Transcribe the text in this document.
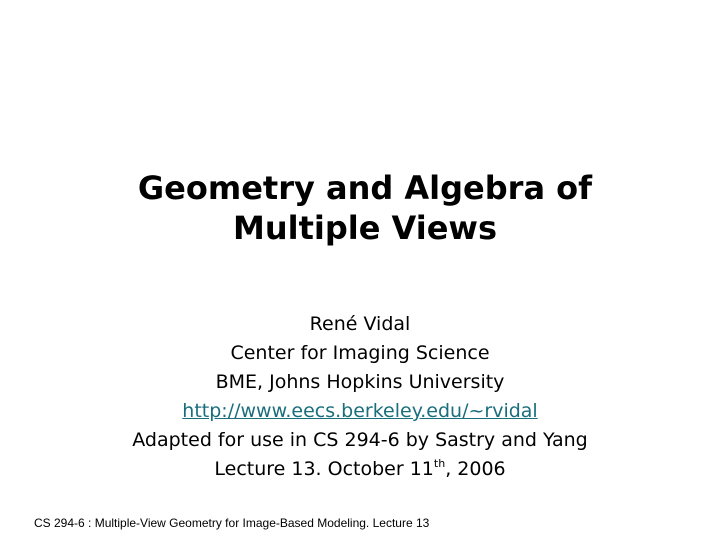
Geometry and Algebra of
Multiple Views
René Vidal
Center for Imaging Science
BME, Johns Hopkins University
http://www.eecs.berkeley.edu/~rvidal
Adapted for use in CS 294-6 by Sastry and Yang
Lecture 13. October 11th, 2006
CS 294-6 : Multiple-View Geometry for Image-Based Modeling. Lecture 13
